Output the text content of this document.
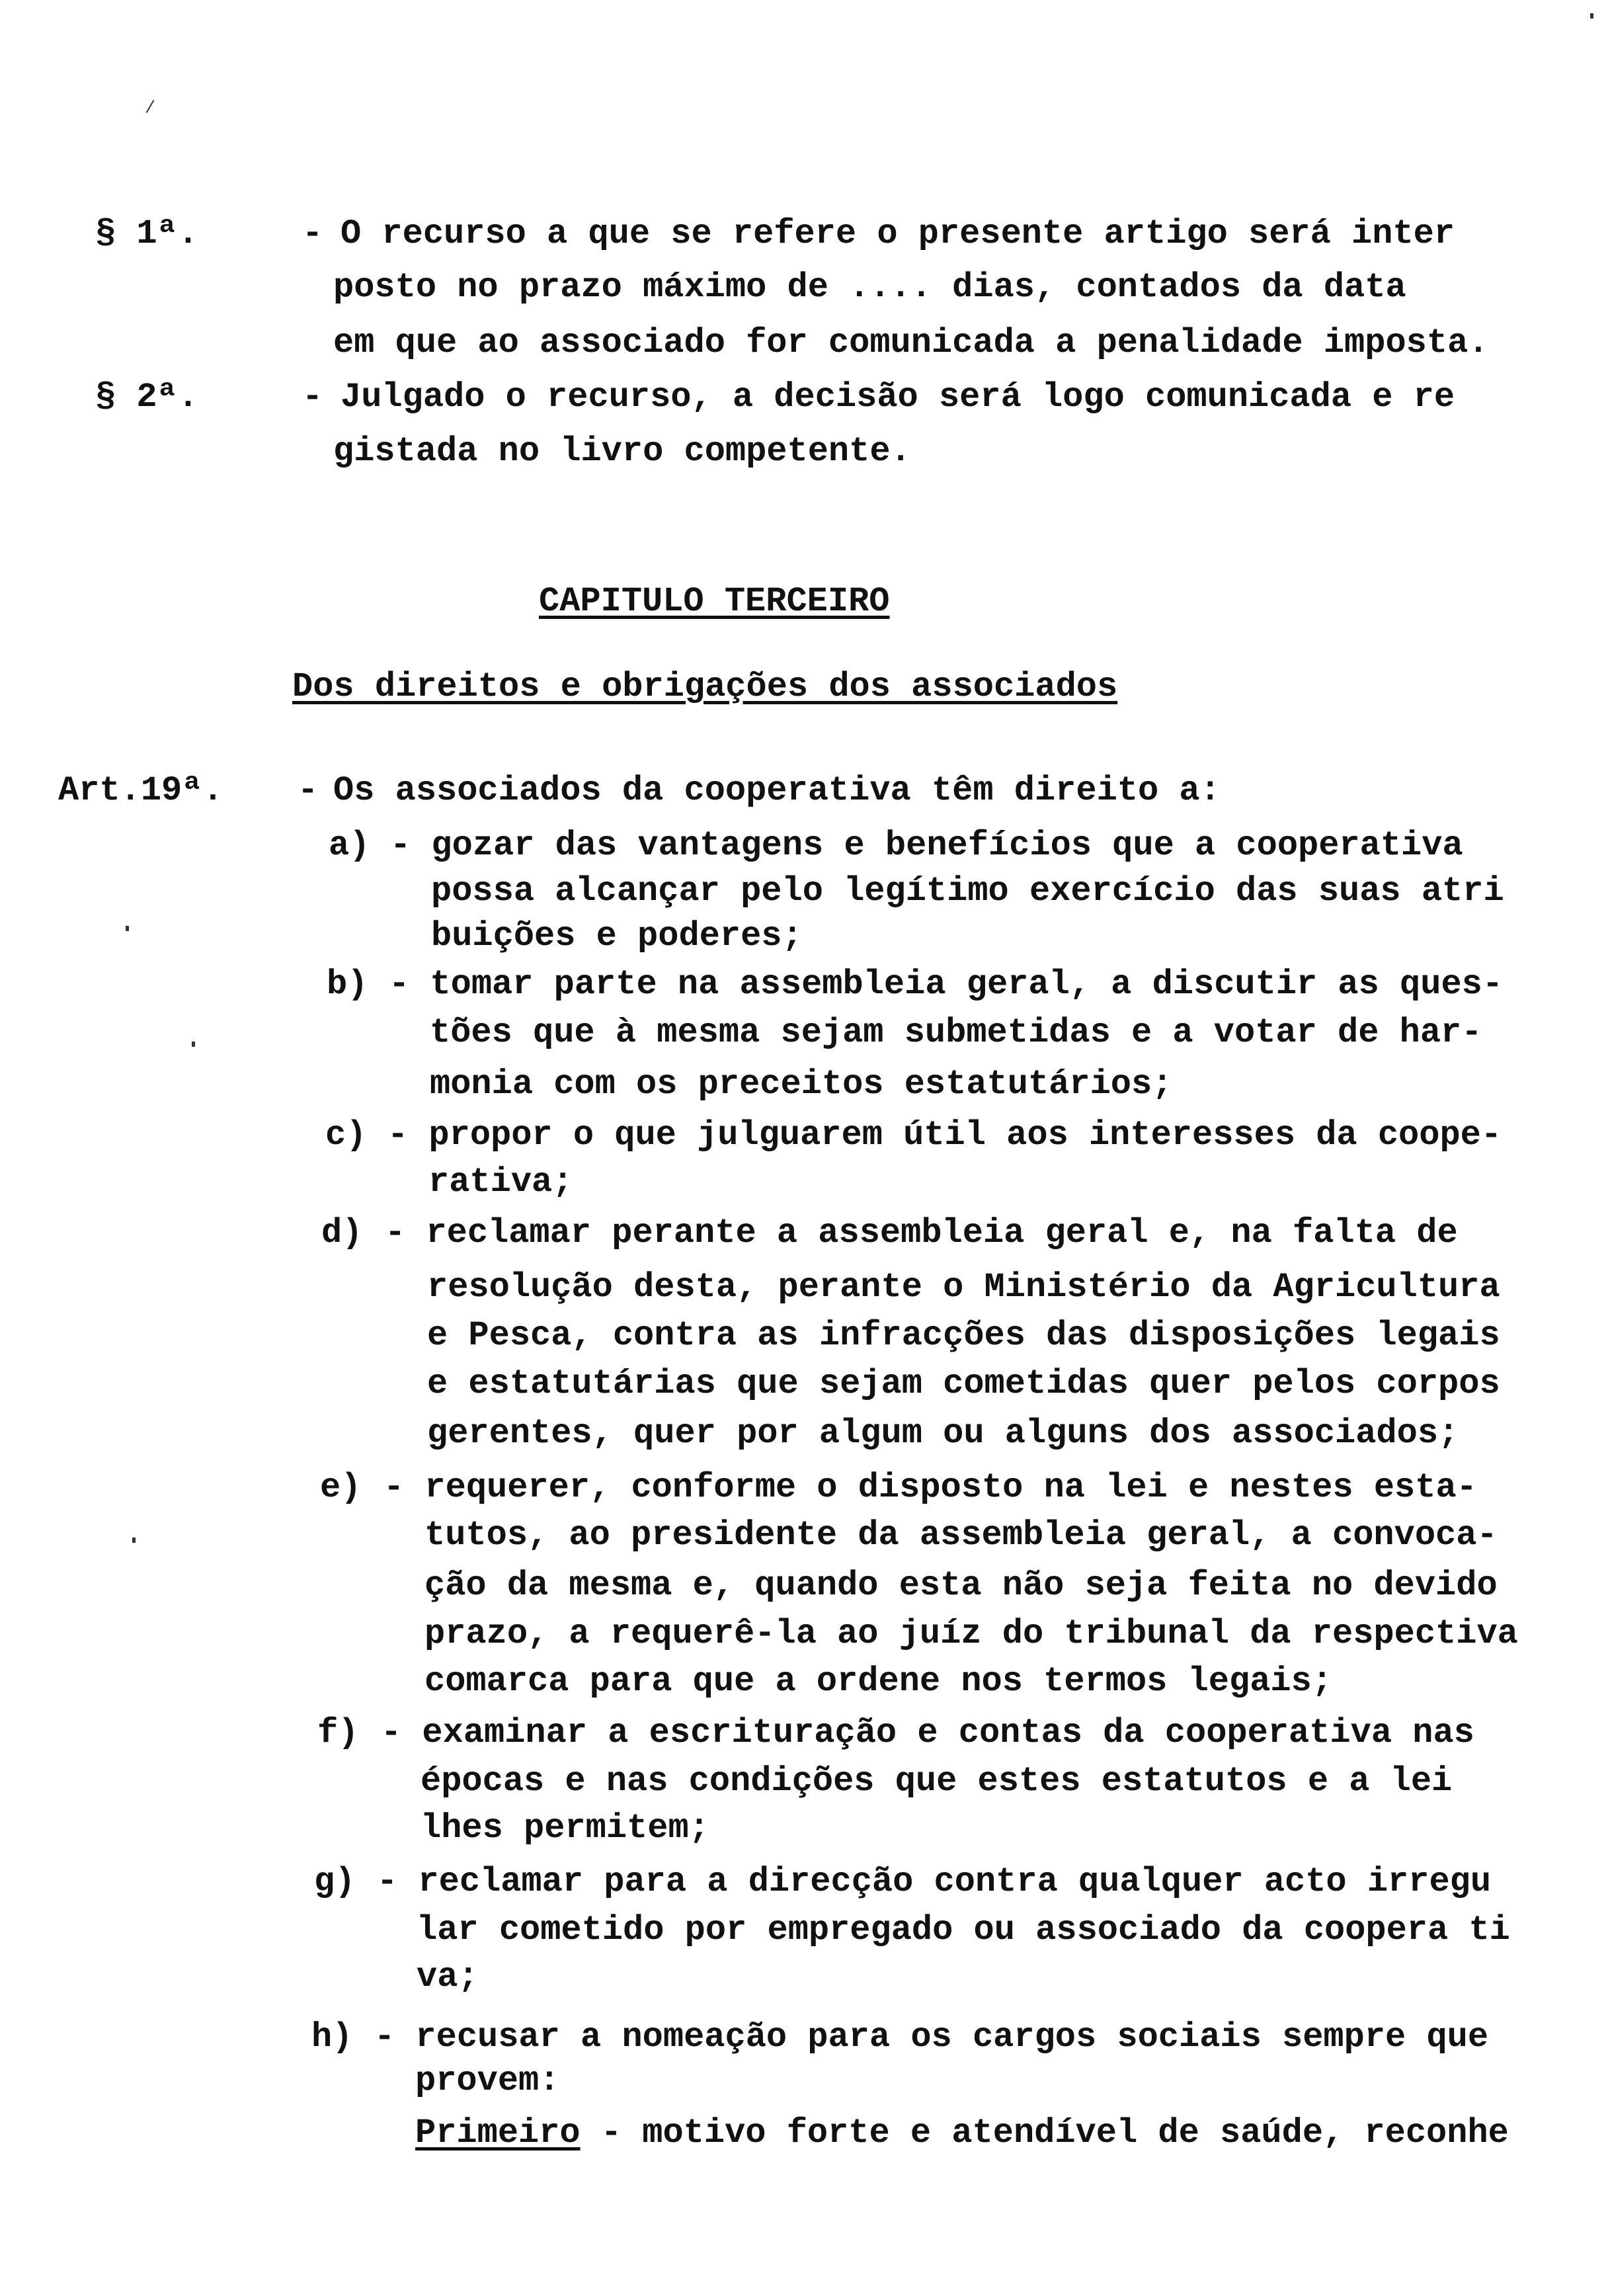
§ 1ª.	- O recurso a que se refere o presente artigo será inter
posto no prazo máximo de .... dias, contados da data
em que ao associado for comunicada a penalidade imposta.
§ 2ª.	- Julgado o recurso, a decisão será logo comunicada e re
gistada no livro competente.
CAPITULO TERCEIRO
Dos direitos e obrigações dos associados
Art.19ª. - Os associados da cooperativa têm direito a:
a) - gozar das vantagens e benefícios que a cooperativa
possa alcançar pelo legítimo exercício das suas atri
buições e poderes;
b) - tomar parte na assembleia geral, a discutir as ques-
tões que à mesma sejam submetidas e a votar de har-
monia com os preceitos estatutários;
c) - propor o que julguarem útil aos interesses da coope-
rativa;
d) - reclamar perante a assembleia geral e, na falta de
resolução desta, perante o Ministério da Agricultura
e Pesca, contra as infracções das disposições legais
e estatutárias que sejam cometidas quer pelos corpos
gerentes, quer por algum ou alguns dos associados;
e) - requerer, conforme o disposto na lei e nestes esta-
tutos, ao presidente da assembleia geral, a convoca-
ção da mesma e, quando esta não seja feita no devido
prazo, a requerê-la ao juíz do tribunal da respectiva
comarca para que a ordene nos termos legais;
f) - examinar a escrituração e contas da cooperativa nas
épocas e nas condições que estes estatutos e a lei
lhes permitem;
g) - reclamar para a direcção contra qualquer acto irregu
lar cometido por empregado ou associado da coopera ti
va;
h) - recusar a nomeação para os cargos sociais sempre que
provem:
Primeiro - motivo forte e atendível de saúde, reconhe
